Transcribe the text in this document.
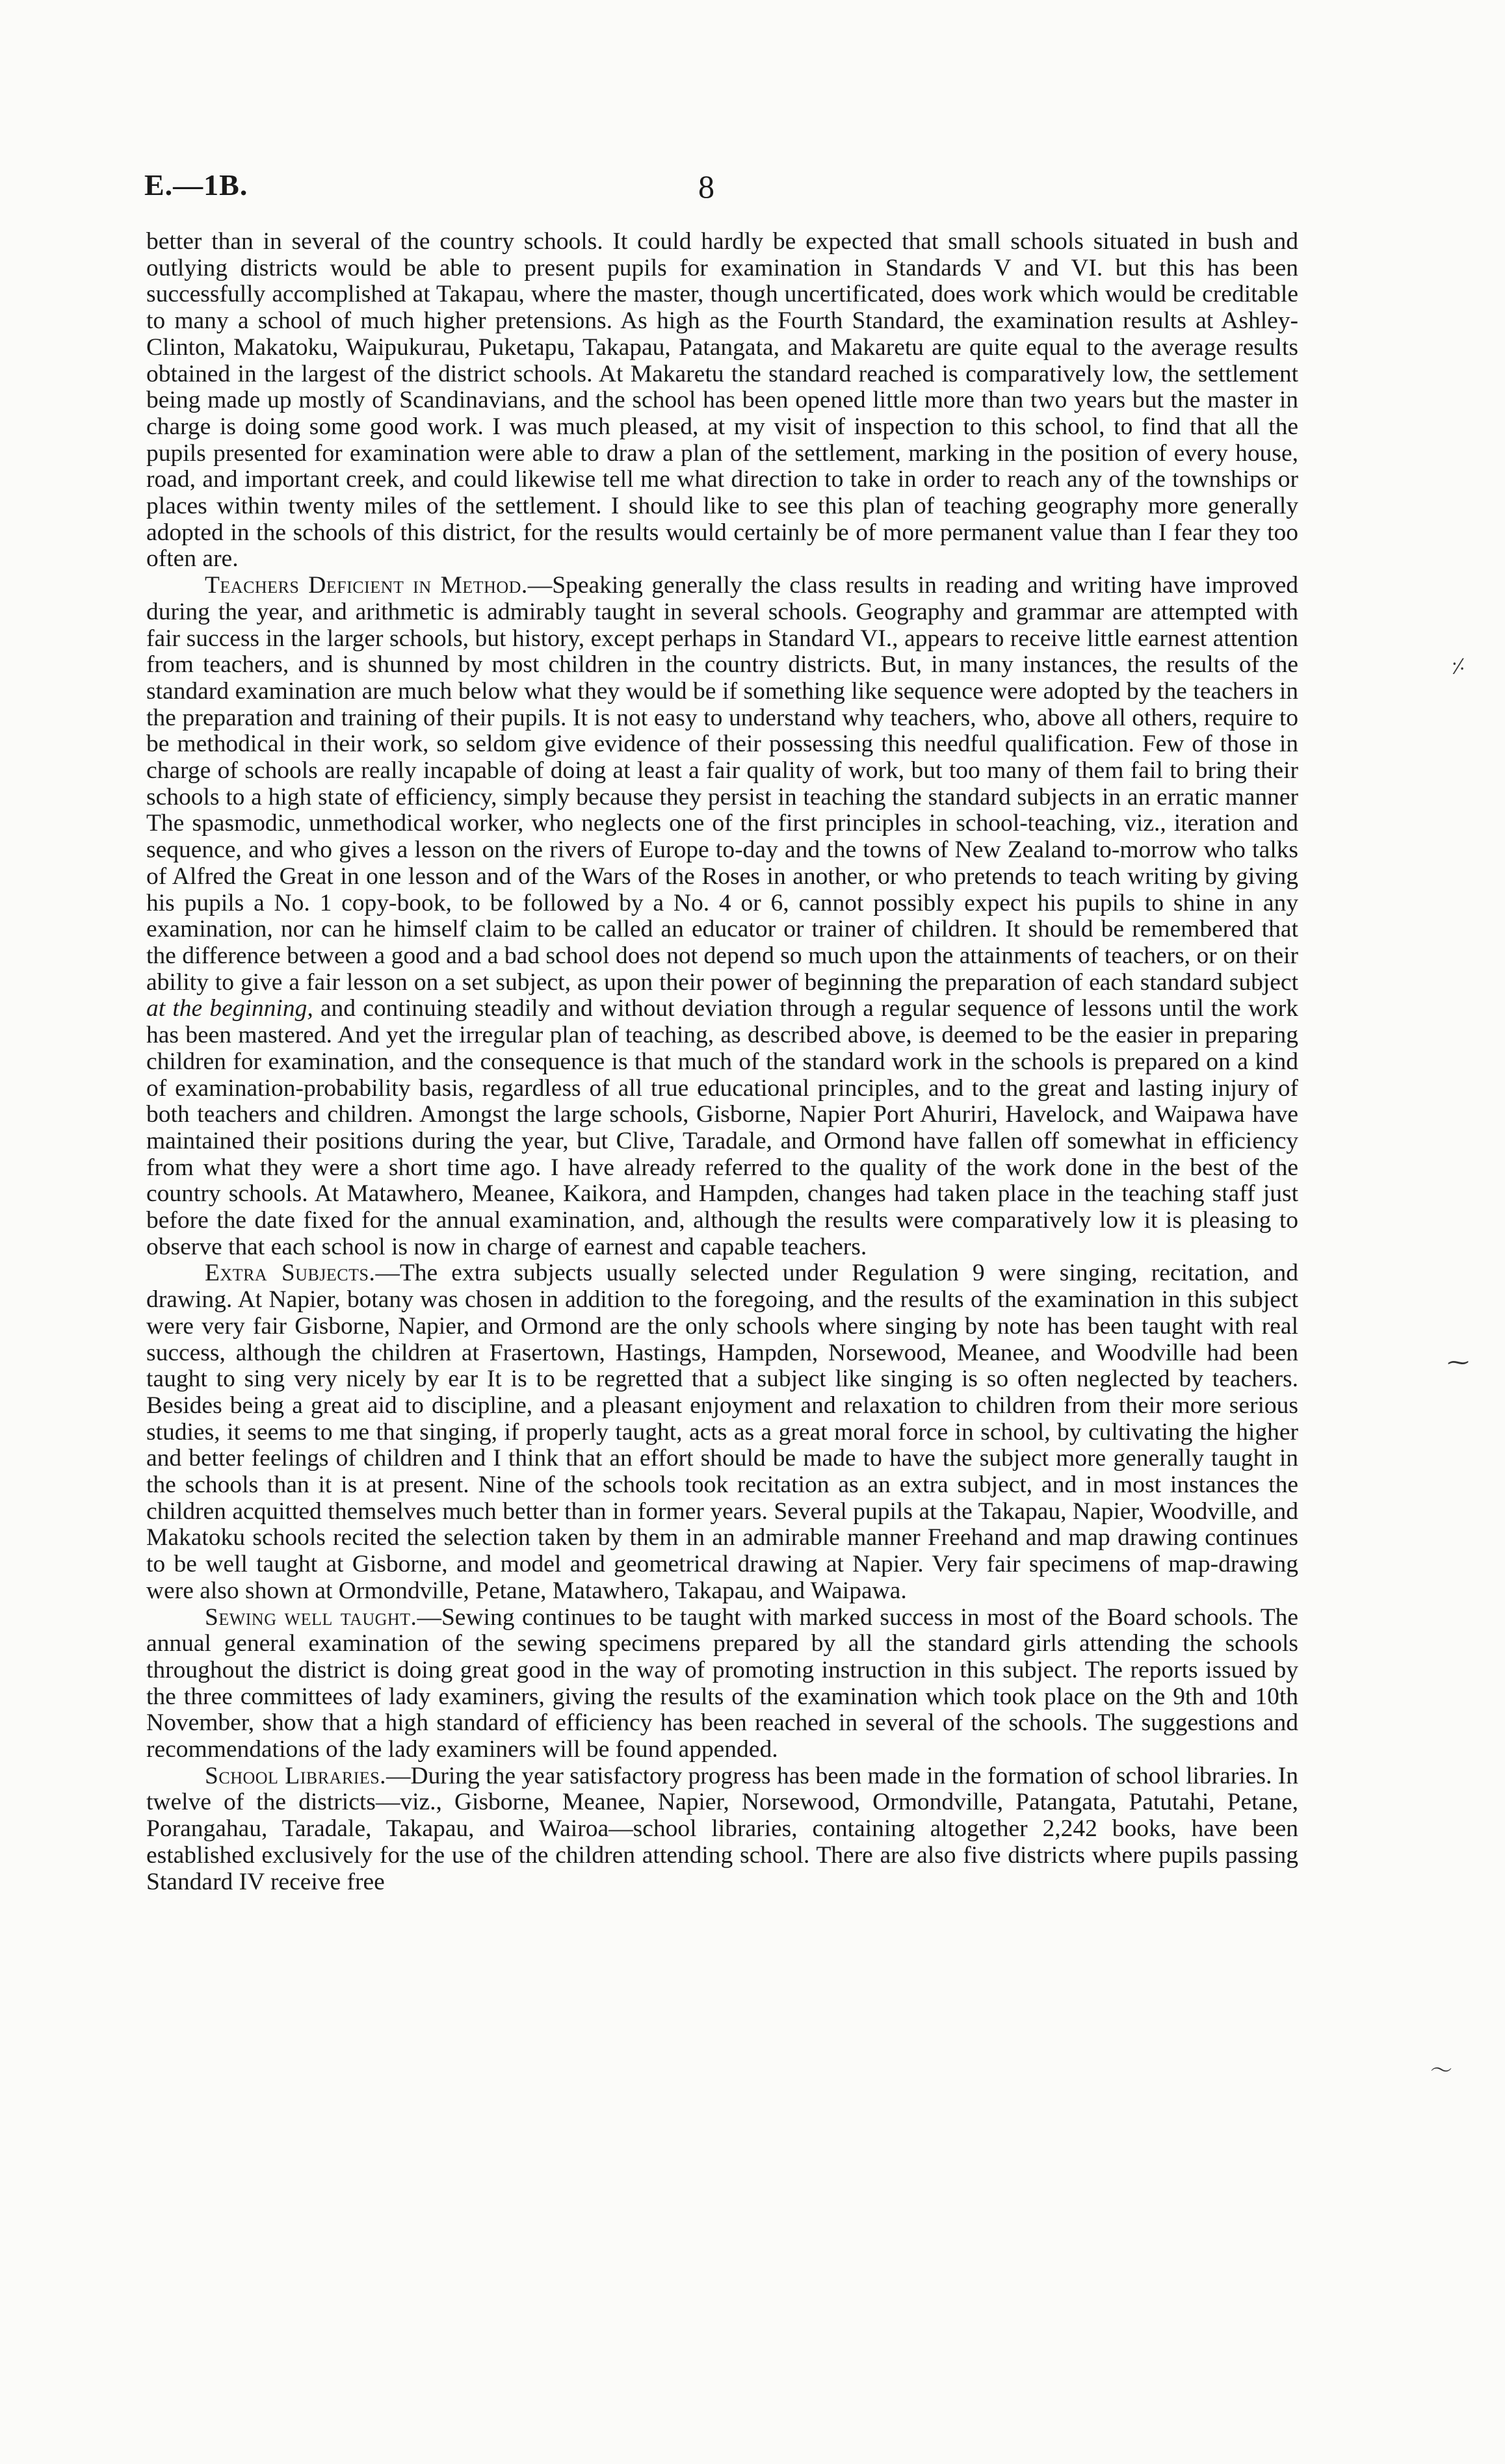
E.—1B.	8

better than in several of the country schools. It could hardly be expected that small schools situated in bush and outlying districts would be able to present pupils for examination in Standards V and VI. but this has been successfully accomplished at Takapau, where the master, though uncertificated, does work which would be creditable to many a school of much higher pretensions. As high as the Fourth Standard, the examination results at Ashley-Clinton, Makatoku, Waipukurau, Puketapu, Takapau, Patangata, and Makaretu are quite equal to the average results obtained in the largest of the district schools. At Makaretu the standard reached is comparatively low, the settlement being made up mostly of Scandinavians, and the school has been opened little more than two years but the master in charge is doing some good work. I was much pleased, at my visit of inspection to this school, to find that all the pupils presented for examination were able to draw a plan of the settlement, marking in the position of every house, road, and important creek, and could likewise tell me what direction to take in order to reach any of the townships or places within twenty miles of the settlement. I should like to see this plan of teaching geography more generally adopted in the schools of this district, for the results would certainly be of more permanent value than I fear they too often are.

Teachers Deficient in Method.—Speaking generally the class results in reading and writing have improved during the year, and arithmetic is admirably taught in several schools. Geography and grammar are attempted with fair success in the larger schools, but history, except perhaps in Standard VI., appears to receive little earnest attention from teachers, and is shunned by most children in the country districts. But, in many instances, the results of the standard examination are much below what they would be if something like sequence were adopted by the teachers in the preparation and training of their pupils. It is not easy to understand why teachers, who, above all others, require to be methodical in their work, so seldom give evidence of their possessing this needful qualification. Few of those in charge of schools are really incapable of doing at least a fair quality of work, but too many of them fail to bring their schools to a high state of efficiency, simply because they persist in teaching the standard subjects in an erratic manner The spasmodic, unmethodical worker, who neglects one of the first principles in school-teaching, viz., iteration and sequence, and who gives a lesson on the rivers of Europe to-day and the towns of New Zealand to-morrow who talks of Alfred the Great in one lesson and of the Wars of the Roses in another, or who pretends to teach writing by giving his pupils a No. 1 copy-book, to be followed by a No. 4 or 6, cannot possibly expect his pupils to shine in any examination, nor can he himself claim to be called an educator or trainer of children. It should be remembered that the difference between a good and a bad school does not depend so much upon the attainments of teachers, or on their ability to give a fair lesson on a set subject, as upon their power of beginning the preparation of each standard subject at the beginning, and continuing steadily and without deviation through a regular sequence of lessons until the work has been mastered. And yet the irregular plan of teaching, as described above, is deemed to be the easier in preparing children for examination, and the consequence is that much of the standard work in the schools is prepared on a kind of examination-probability basis, regardless of all true educational principles, and to the great and lasting injury of both teachers and children. Amongst the large schools, Gisborne, Napier Port Ahuriri, Havelock, and Waipawa have maintained their positions during the year, but Clive, Taradale, and Ormond have fallen off somewhat in efficiency from what they were a short time ago. I have already referred to the quality of the work done in the best of the country schools. At Matawhero, Meanee, Kaikora, and Hampden, changes had taken place in the teaching staff just before the date fixed for the annual examination, and, although the results were comparatively low it is pleasing to observe that each school is now in charge of earnest and capable teachers.

Extra Subjects.—The extra subjects usually selected under Regulation 9 were singing, recitation, and drawing. At Napier, botany was chosen in addition to the foregoing, and the results of the examination in this subject were very fair Gisborne, Napier, and Ormond are the only schools where singing by note has been taught with real success, although the children at Frasertown, Hastings, Hampden, Norsewood, Meanee, and Woodville had been taught to sing very nicely by ear It is to be regretted that a subject like singing is so often neglected by teachers. Besides being a great aid to discipline, and a pleasant enjoyment and relaxation to children from their more serious studies, it seems to me that singing, if properly taught, acts as a great moral force in school, by cultivating the higher and better feelings of children and I think that an effort should be made to have the subject more generally taught in the schools than it is at present. Nine of the schools took recitation as an extra subject, and in most instances the children acquitted themselves much better than in former years. Several pupils at the Takapau, Napier, Woodville, and Makatoku schools recited the selection taken by them in an admirable manner Freehand and map drawing continues to be well taught at Gisborne, and model and geometrical drawing at Napier. Very fair specimens of map-drawing were also shown at Ormondville, Petane, Matawhero, Takapau, and Waipawa.

Sewing well taught.—Sewing continues to be taught with marked success in most of the Board schools. The annual general examination of the sewing specimens prepared by all the standard girls attending the schools throughout the district is doing great good in the way of promoting instruction in this subject. The reports issued by the three committees of lady examiners, giving the results of the examination which took place on the 9th and 10th November, show that a high standard of efficiency has been reached in several of the schools. The suggestions and recommendations of the lady examiners will be found appended.

School Libraries.—During the year satisfactory progress has been made in the formation of school libraries. In twelve of the districts—viz., Gisborne, Meanee, Napier, Norsewood, Ormondville, Patangata, Patutahi, Petane, Porangahau, Taradale, Takapau, and Wairoa—school libraries, containing altogether 2,242 books, have been established exclusively for the use of the children attending school. There are also five districts where pupils passing Standard IV receive free

⸓
⁓
〜
